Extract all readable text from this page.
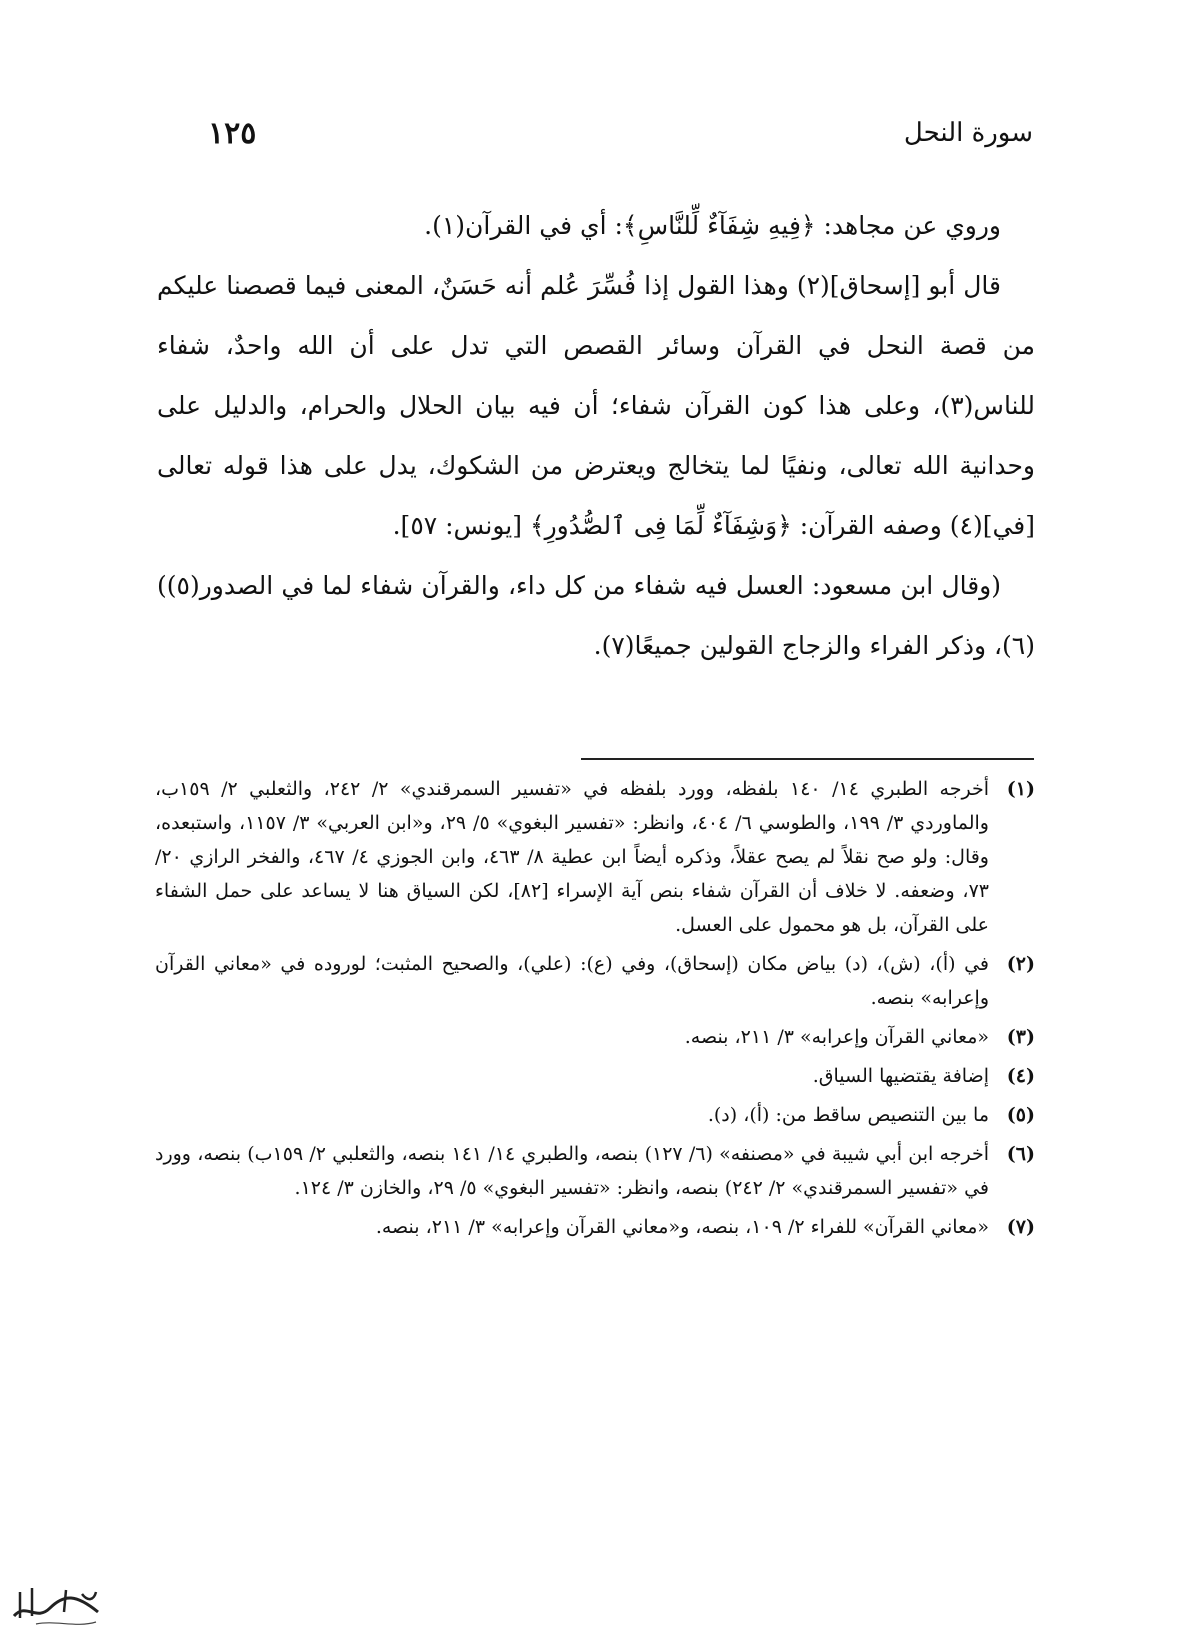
سورة النحل
١٢٥

وروي عن مجاهد: ﴿فِيهِ شِفَآءٌ لِّلنَّاسِ﴾: أي في القرآن(١).

قال أبو [إسحاق](٢) وهذا القول إذا فُسِّرَ عُلم أنه حَسَنٌ، المعنى فيما قصصنا عليكم من قصة النحل في القرآن وسائر القصص التي تدل على أن الله واحدٌ، شفاء للناس(٣)، وعلى هذا كون القرآن شفاء؛ أن فيه بيان الحلال والحرام، والدليل على وحدانية الله تعالى، ونفيًا لما يتخالج ويعترض من الشكوك، يدل على هذا قوله تعالى [في](٤) وصفه القرآن: ﴿وَشِفَآءٌ لِّمَا فِى ٱلصُّدُورِ﴾ [يونس: ٥٧].

(وقال ابن مسعود: العسل فيه شفاء من كل داء، والقرآن شفاء لما في الصدور(٥))(٦)، وذكر الفراء والزجاج القولين جميعًا(٧).

(١)
أخرجه الطبري ١٤/ ١٤٠ بلفظه، وورد بلفظه في «تفسير السمرقندي» ٢/ ٢٤٢، والثعلبي ٢/ ١٥٩ب، والماوردي ٣/ ١٩٩، والطوسي ٦/ ٤٠٤، وانظر: «تفسير البغوي» ٥/ ٢٩، و«ابن العربي» ٣/ ١١٥٧، واستبعده، وقال: ولو صح نقلاً لم يصح عقلاً، وذكره أيضاً ابن عطية ٨/ ٤٦٣، وابن الجوزي ٤/ ٤٦٧، والفخر الرازي ٢٠/ ٧٣، وضعفه. لا خلاف أن القرآن شفاء بنص آية الإسراء [٨٢]، لكن السياق هنا لا يساعد على حمل الشفاء على القرآن، بل هو محمول على العسل.
(٢)
في (أ)، (ش)، (د) بياض مكان (إسحاق)، وفي (ع): (علي)، والصحيح المثبت؛ لوروده في «معاني القرآن وإعرابه» بنصه.
(٣)
«معاني القرآن وإعرابه» ٣/ ٢١١، بنصه.
(٤)
إضافة يقتضيها السياق.
(٥)
ما بين التنصيص ساقط من: (أ)، (د).
(٦)
أخرجه ابن أبي شيبة في «مصنفه» (٦/ ١٢٧) بنصه، والطبري ١٤/ ١٤١ بنصه، والثعلبي ٢/ ١٥٩ب) بنصه، وورد في «تفسير السمرقندي» ٢/ ٢٤٢) بنصه، وانظر: «تفسير البغوي» ٥/ ٢٩، والخازن ٣/ ١٢٤.
(٧)
«معاني القرآن» للفراء ٢/ ١٠٩، بنصه، و«معاني القرآن وإعرابه» ٣/ ٢١١، بنصه.
